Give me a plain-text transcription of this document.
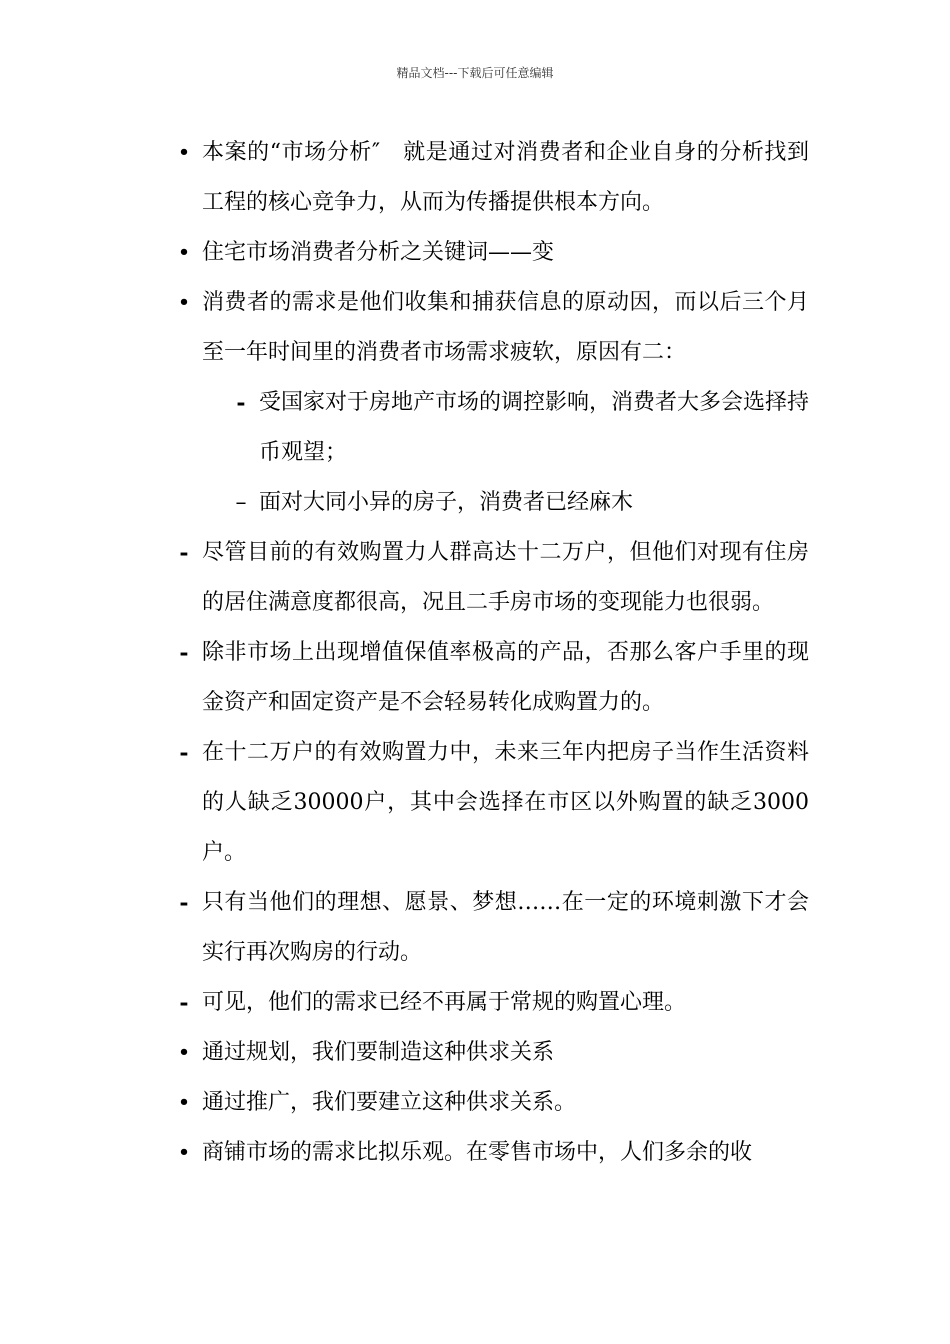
精品文档---下载后可任意编辑
• 本案的“市场分析″　就是通过对消费者和企业自身的分析找到工程的核心竞争力，从而为传播提供根本方向。
• 住宅市场消费者分析之关键词——变
• 消费者的需求是他们收集和捕获信息的原动因，而以后三个月至一年时间里的消费者市场需求疲软，原因有二：
- 受国家对于房地产市场的调控影响，消费者大多会选择持币观望；
– 面对大同小异的房子，消费者已经麻木
- 尽管目前的有效购置力人群高达十二万户，但他们对现有住房的居住满意度都很高，况且二手房市场的变现能力也很弱。
- 除非市场上出现增值保值率极高的产品，否那么客户手里的现金资产和固定资产是不会轻易转化成购置力的。
- 在十二万户的有效购置力中，未来三年内把房子当作生活资料的人缺乏30000户，其中会选择在市区以外购置的缺乏3000户。
- 只有当他们的理想、愿景、梦想……在一定的环境刺激下才会实行再次购房的行动。
- 可见，他们的需求已经不再属于常规的购置心理。
• 通过规划，我们要制造这种供求关系
• 通过推广，我们要建立这种供求关系。
• 商铺市场的需求比拟乐观。在零售市场中，人们多余的收
